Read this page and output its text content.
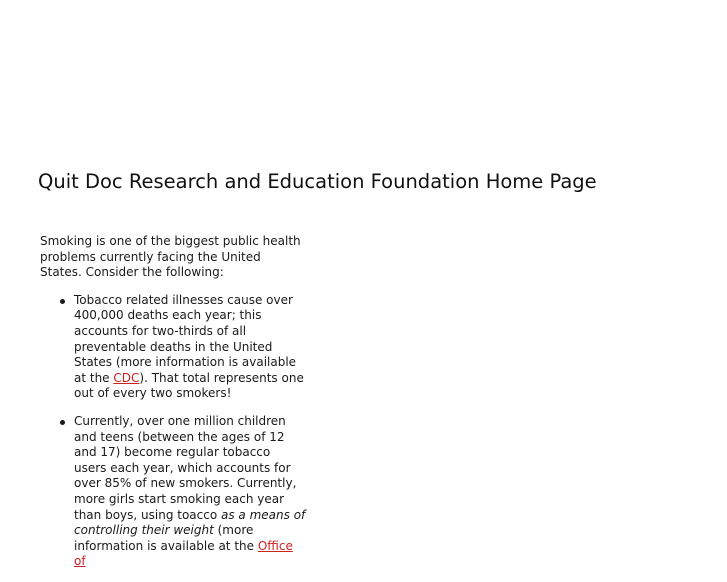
Quit Doc Research and Education Foundation Home Page

Smoking is one of the biggest public health problems currently facing the United States. Consider the following:

Tobacco related illnesses cause over 400,000 deaths each year; this accounts for two-thirds of all preventable deaths in the United States (more information is available at the CDC). That total represents one out of every two smokers!
Currently, over one million children and teens (between the ages of 12 and 17) become regular tobacco users each year, which accounts for over 85% of new smokers. Currently, more girls start smoking each year than boys, using toacco as a means of controlling their weight (more information is available at the Office of
